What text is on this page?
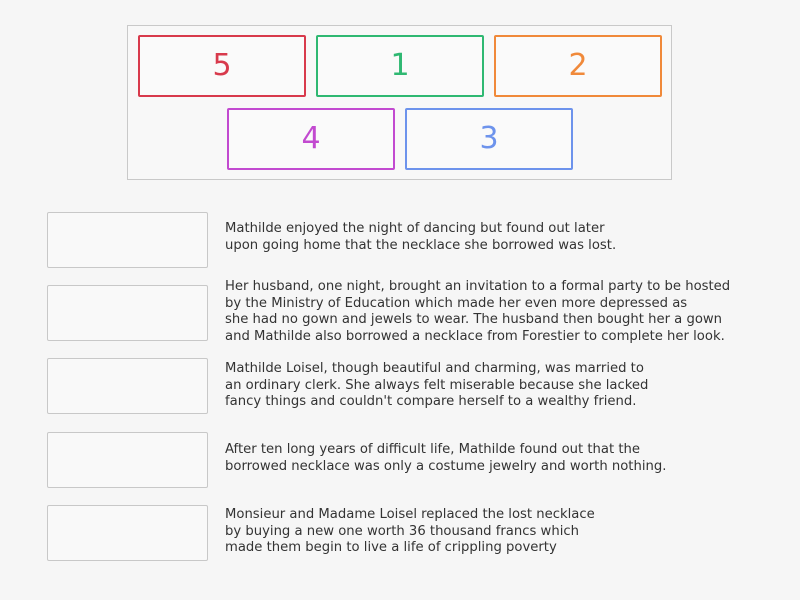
5	1	2
4	3
Mathilde enjoyed the night of dancing but found out later
upon going home that the necklace she borrowed was lost.
Her husband, one night, brought an invitation to a formal party to be hosted
by the Ministry of Education which made her even more depressed as
she had no gown and jewels to wear. The husband then bought her a gown
and Mathilde also borrowed a necklace from Forestier to complete her look.
Mathilde Loisel, though beautiful and charming, was married to
an ordinary clerk. She always felt miserable because she lacked
fancy things and couldn't compare herself to a wealthy friend.
After ten long years of difficult life, Mathilde found out that the
borrowed necklace was only a costume jewelry and worth nothing.
Monsieur and Madame Loisel replaced the lost necklace
by buying a new one worth 36 thousand francs which
made them begin to live a life of crippling poverty
